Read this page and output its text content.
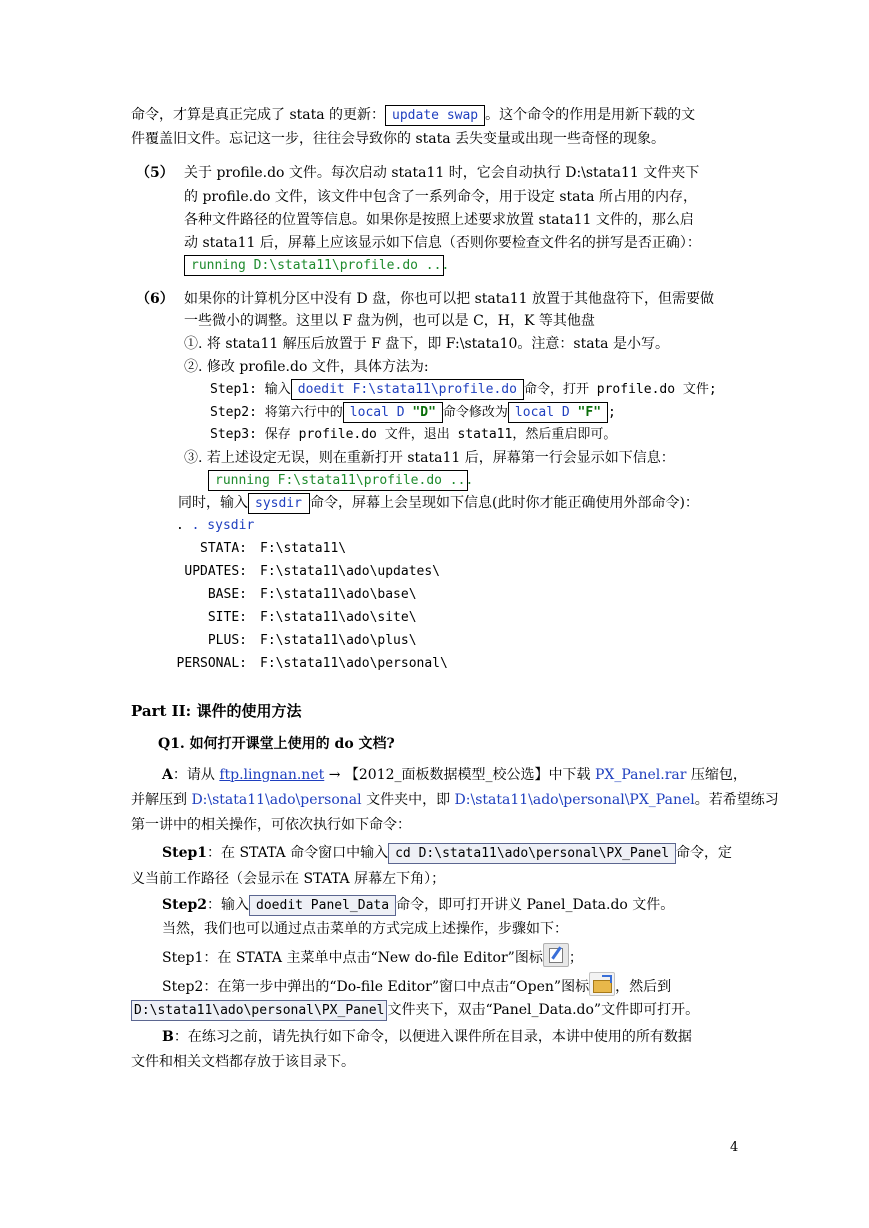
命令，才算是真正完成了 stata 的更新： update swap 。这个命令的作用是用新下载的文
件覆盖旧文件。忘记这一步，往往会导致你的 stata 丢失变量或出现一些奇怪的现象。
（5） 关于 profile.do 文件。每次启动 stata11 时，它会自动执行 D:\stata11 文件夹下
的 profile.do 文件，该文件中包含了一系列命令，用于设定 stata 所占用的内存，
各种文件路径的位置等信息。如果你是按照上述要求放置 stata11 文件的，那么启
动 stata11 后，屏幕上应该显示如下信息（否则你要检查文件名的拼写是否正确）：
running D:\stata11\profile.do ...
（6） 如果你的计算机分区中没有 D 盘，你也可以把 stata11 放置于其他盘符下，但需要做
一些微小的调整。这里以 F 盘为例，也可以是 C，H，K 等其他盘
①. 将 stata11 解压后放置于 F 盘下，即 F:\stata10。注意：stata 是小写。
②. 修改 profile.do 文件，具体方法为:
Step1: 输入 doedit F:\stata11\profile.do 命令，打开 profile.do 文件;
Step2: 将第六行中的 local D "D" 命令修改为 local D "F" ;
Step3: 保存 profile.do 文件，退出 stata11，然后重启即可。
③. 若上述设定无误，则在重新打开 stata11 后，屏幕第一行会显示如下信息：
running F:\stata11\profile.do ...
同时，输入 sysdir 命令，屏幕上会呈现如下信息(此时你才能正确使用外部命令)：
. . sysdir
STATA: F:\stata11\
UPDATES: F:\stata11\ado\updates\
BASE: F:\stata11\ado\base\
SITE: F:\stata11\ado\site\
PLUS: F:\stata11\ado\plus\
PERSONAL: F:\stata11\ado\personal\
Part II: 课件的使用方法
Q1. 如何打开课堂上使用的 do 文档?
A：请从 ftp.lingnan.net → 【2012_面板数据模型_校公选】中下载 PX_Panel.rar 压缩包，
并解压到 D:\stata11\ado\personal 文件夹中，即 D:\stata11\ado\personal\PX_Panel。若希望练习
第一讲中的相关操作，可依次执行如下命令：
Step1：在 STATA 命令窗口中输入 cd D:\stata11\ado\personal\PX_Panel 命令，定
义当前工作路径（会显示在 STATA 屏幕左下角）；
Step2：输入 doedit Panel_Data 命令，即可打开讲义 Panel_Data.do 文件。
当然，我们也可以通过点击菜单的方式完成上述操作，步骤如下：
Step1：在 STATA 主菜单中点击“New do-file Editor”图标 ；
Step2：在第一步中弹出的“Do-file Editor”窗口中点击“Open”图标 ，然后到
D:\stata11\ado\personal\PX_Panel 文件夹下，双击“Panel_Data.do”文件即可打开。
B：在练习之前，请先执行如下命令，以便进入课件所在目录，本讲中使用的所有数据
文件和相关文档都存放于该目录下。
4
